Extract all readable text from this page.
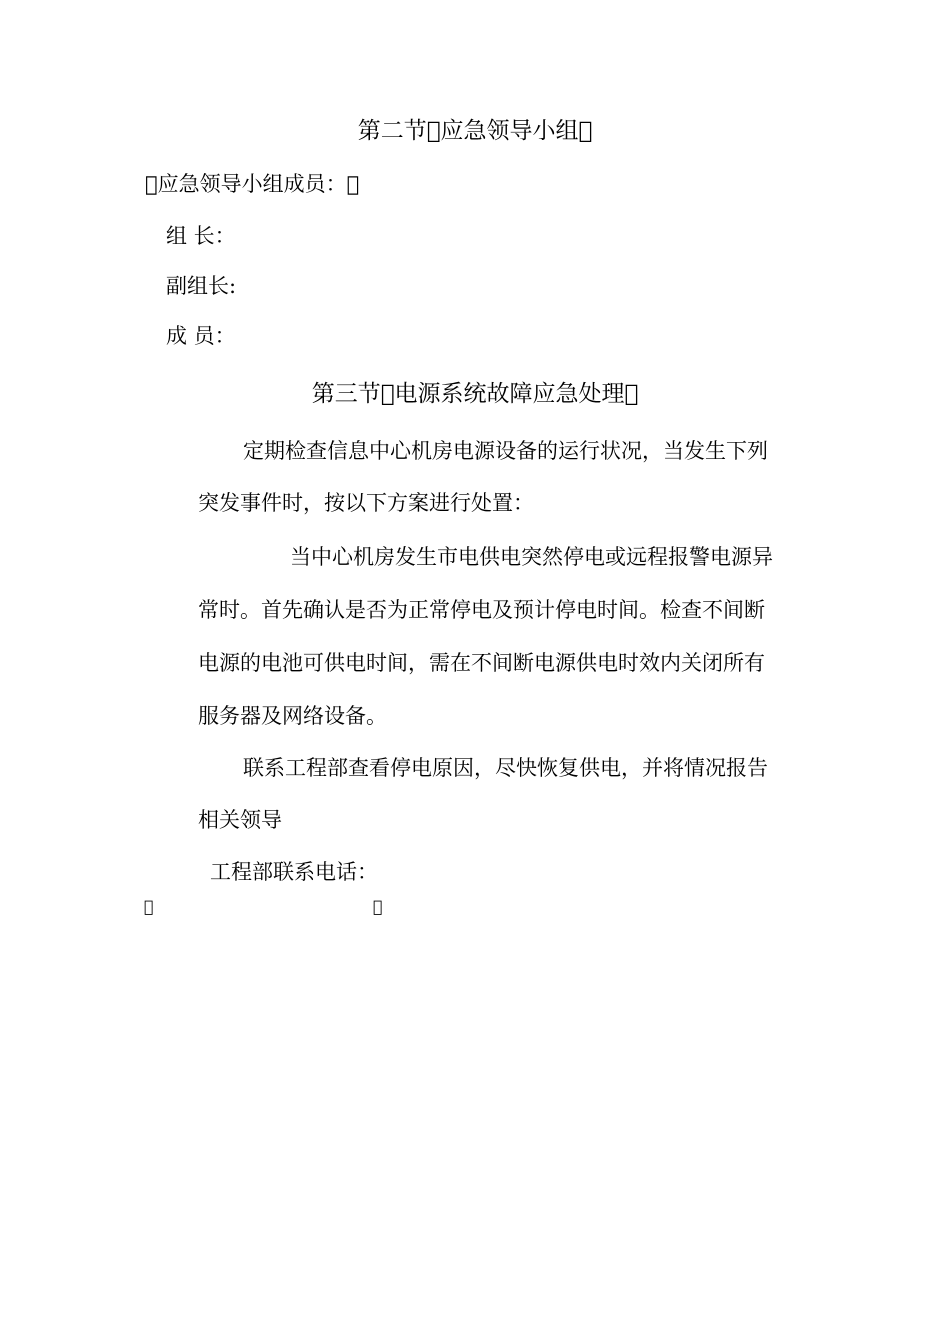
第二节 应急领导小组 
 应急领导小组成员： 
组 长：
副组长:
成 员：
第三节 电源系统故障应急处理 
定期检查信息中心机房电源设备的运行状况，当发生下列
突发事件时，按以下方案进行处置：
当中心机房发生市电供电突然停电或远程报警电源异
常时。首先确认是否为正常停电及预计停电时间。检查不间断
电源的电池可供电时间，需在不间断电源供电时效内关闭所有
服务器及网络设备。
联系工程部查看停电原因，尽快恢复供电，并将情况报告
相关领导
工程部联系电话：
 	 
